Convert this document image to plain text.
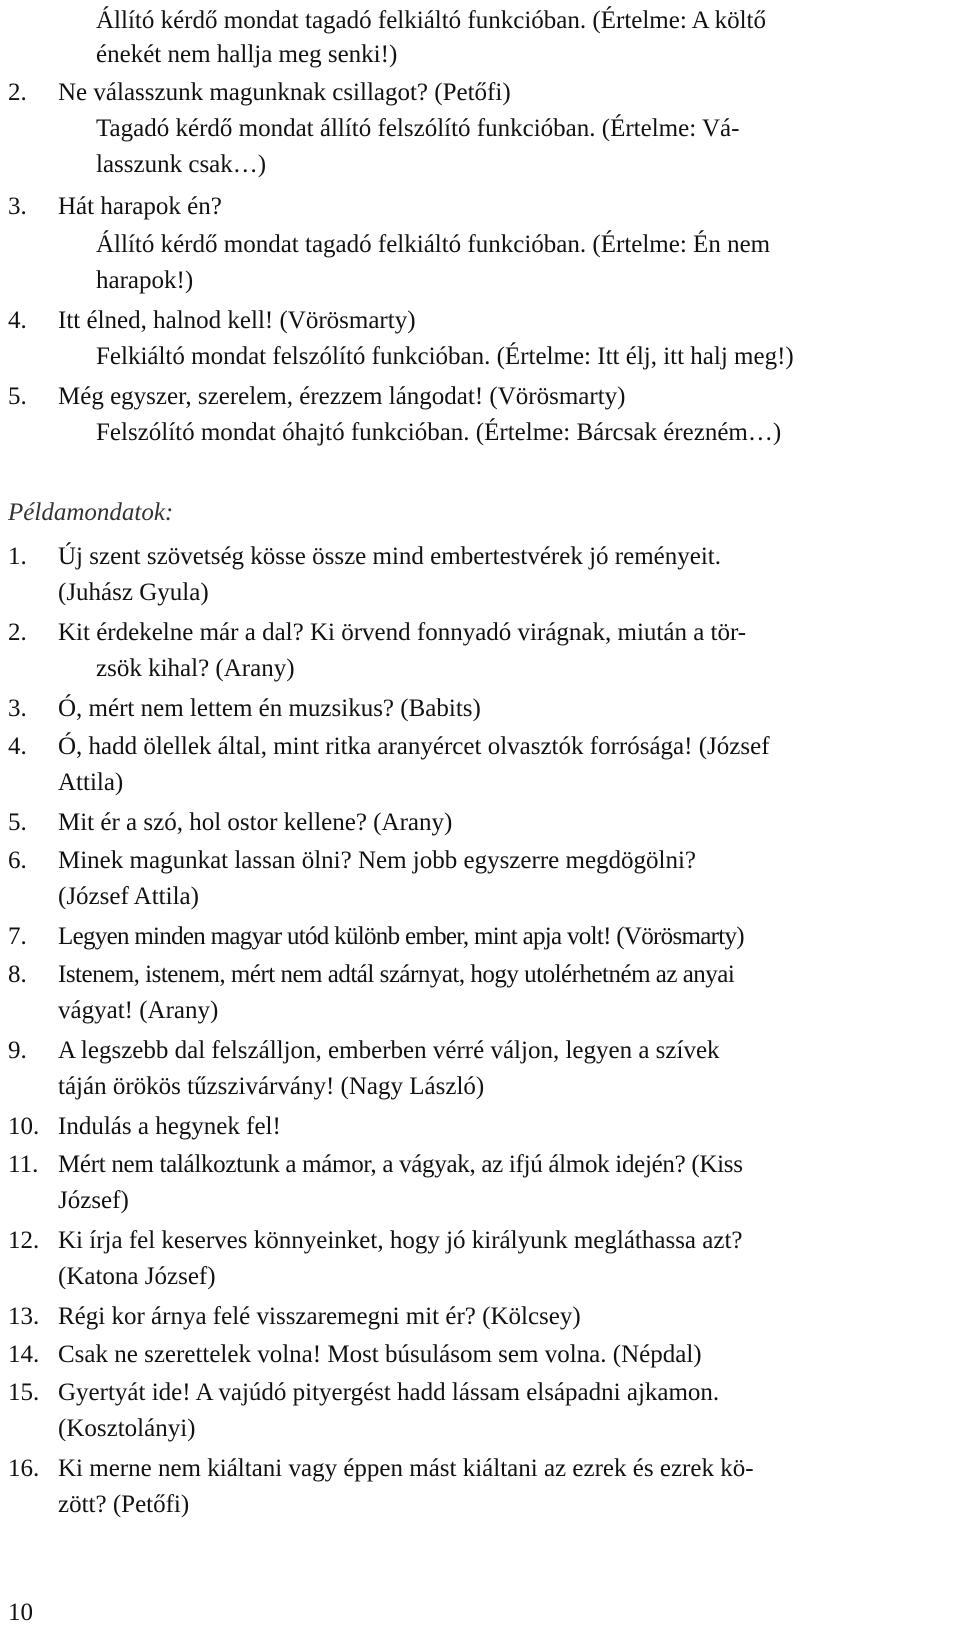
Állító kérdő mondat tagadó felkiáltó funkcióban. (Értelme: A költő
énekét nem hallja meg senki!)
2. Ne válasszunk magunknak csillagot? (Petőfi)
Tagadó kérdő mondat állító felszólító funkcióban. (Értelme: Vá-
lasszunk csak…)
3. Hát harapok én?
Állító kérdő mondat tagadó felkiáltó funkcióban. (Értelme: Én nem
harapok!)
4. Itt élned, halnod kell! (Vörösmarty)
Felkiáltó mondat felszólító funkcióban. (Értelme: Itt élj, itt halj meg!)
5. Még egyszer, szerelem, érezzem lángodat! (Vörösmarty)
Felszólító mondat óhajtó funkcióban. (Értelme: Bárcsak érezném…)
Példamondatok:
1. Új szent szövetség kösse össze mind embertestvérek jó reményeit.
(Juhász Gyula)
2. Kit érdekelne már a dal? Ki örvend fonnyadó virágnak, miután a tör-
zsök kihal? (Arany)
3. Ó, mért nem lettem én muzsikus? (Babits)
4. Ó, hadd ölellek által, mint ritka aranyércet olvasztók forrósága! (József
Attila)
5. Mit ér a szó, hol ostor kellene? (Arany)
6. Minek magunkat lassan ölni? Nem jobb egyszerre megdögölni?
(József Attila)
7. Legyen minden magyar utód különb ember, mint apja volt! (Vörösmarty)
8. Istenem, istenem, mért nem adtál szárnyat, hogy utolérhetném az anyai
vágyat! (Arany)
9. A legszebb dal felszálljon, emberben vérré váljon, legyen a szívek
táján örökös tűzszivárvány! (Nagy László)
10. Indulás a hegynek fel!
11. Mért nem találkoztunk a mámor, a vágyak, az ifjú álmok idején? (Kiss
József)
12. Ki írja fel keserves könnyeinket, hogy jó királyunk megláthassa azt?
(Katona József)
13. Régi kor árnya felé visszaremegni mit ér? (Kölcsey)
14. Csak ne szerettelek volna! Most búsulásom sem volna. (Népdal)
15. Gyertyát ide! A vajúdó pityergést hadd lássam elsápadni ajkamon.
(Kosztolányi)
16. Ki merne nem kiáltani vagy éppen mást kiáltani az ezrek és ezrek kö-
zött? (Petőfi)
10
